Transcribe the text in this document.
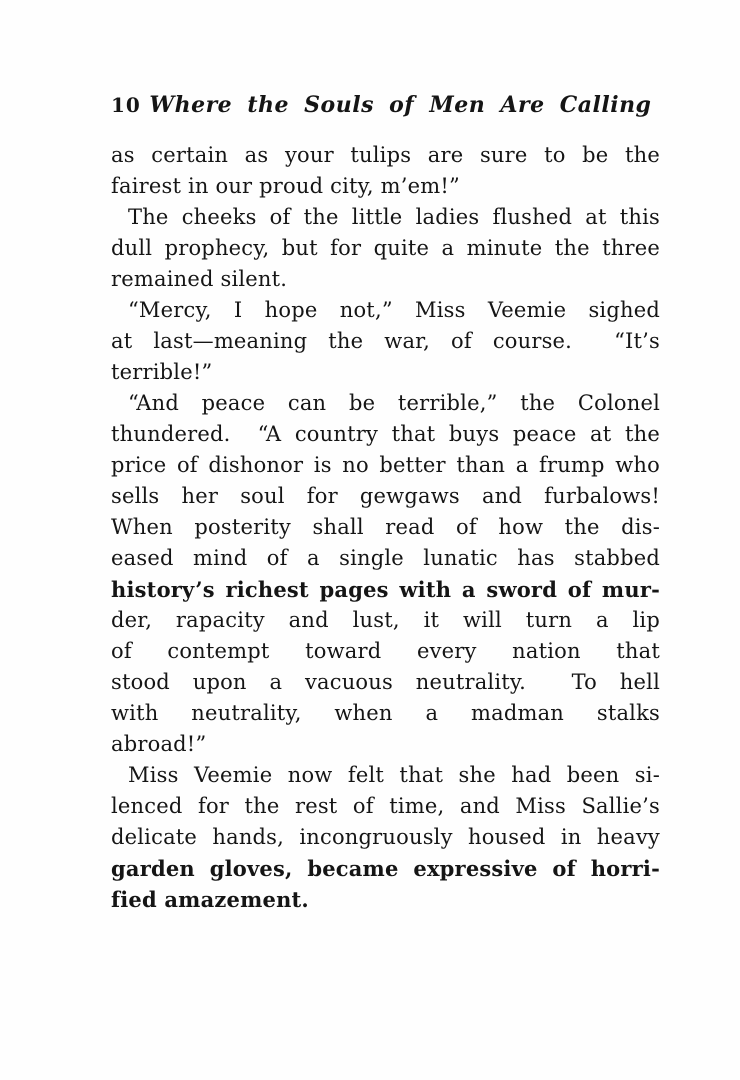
10 Where the Souls of Men Are Calling
as certain as your tulips are sure to be the
fairest in our proud city, m’em!”
The cheeks of the little ladies flushed at this
dull prophecy, but for quite a minute the three
remained silent.
“Mercy, I hope not,” Miss Veemie sighed
at last—meaning the war, of course.  “It’s
terrible!”
“And peace can be terrible,” the Colonel
thundered.  “A country that buys peace at the
price of dishonor is no better than a frump who
sells her soul for gewgaws and furbalows!
When posterity shall read of how the dis-
eased mind of a single lunatic has stabbed
history’s richest pages with a sword of mur-
der, rapacity and lust, it will turn a lip
of contempt toward every nation that
stood upon a vacuous neutrality.  To hell
with neutrality, when a madman stalks
abroad!”
Miss Veemie now felt that she had been si-
lenced for the rest of time, and Miss Sallie’s
delicate hands, incongruously housed in heavy
garden gloves, became expressive of horri-
fied amazement.
